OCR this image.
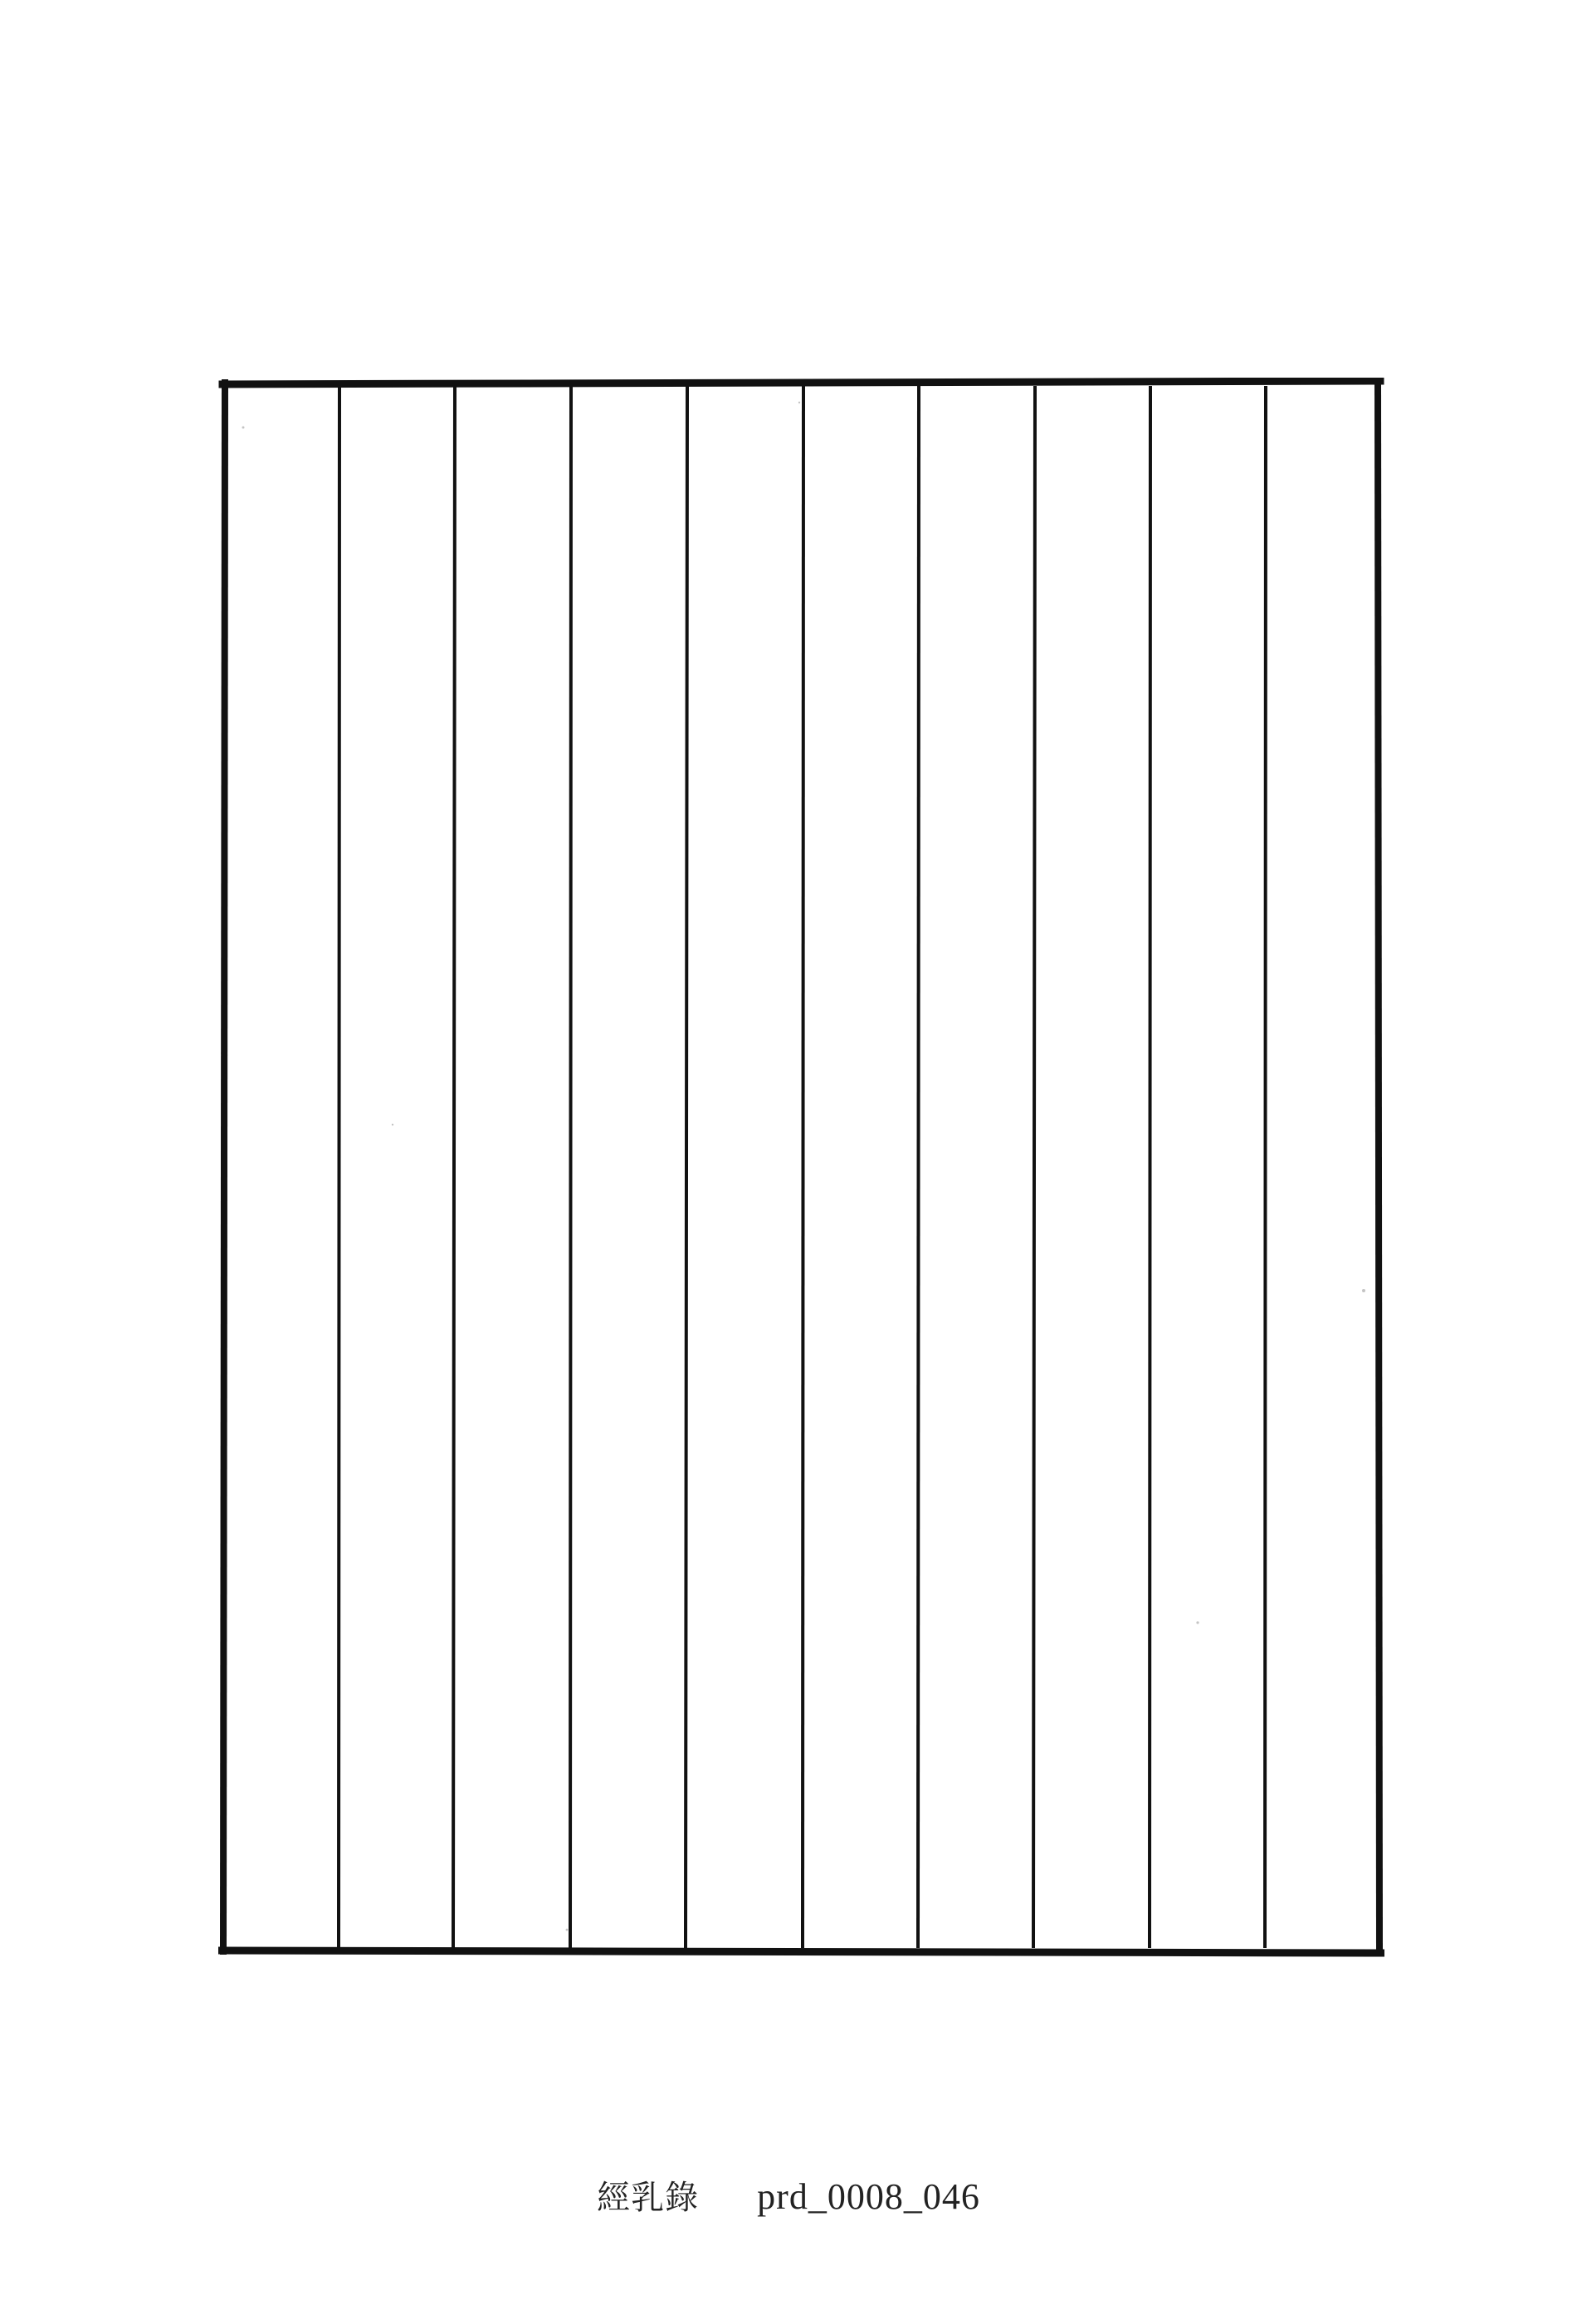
經乳錄 prd_0008_046
